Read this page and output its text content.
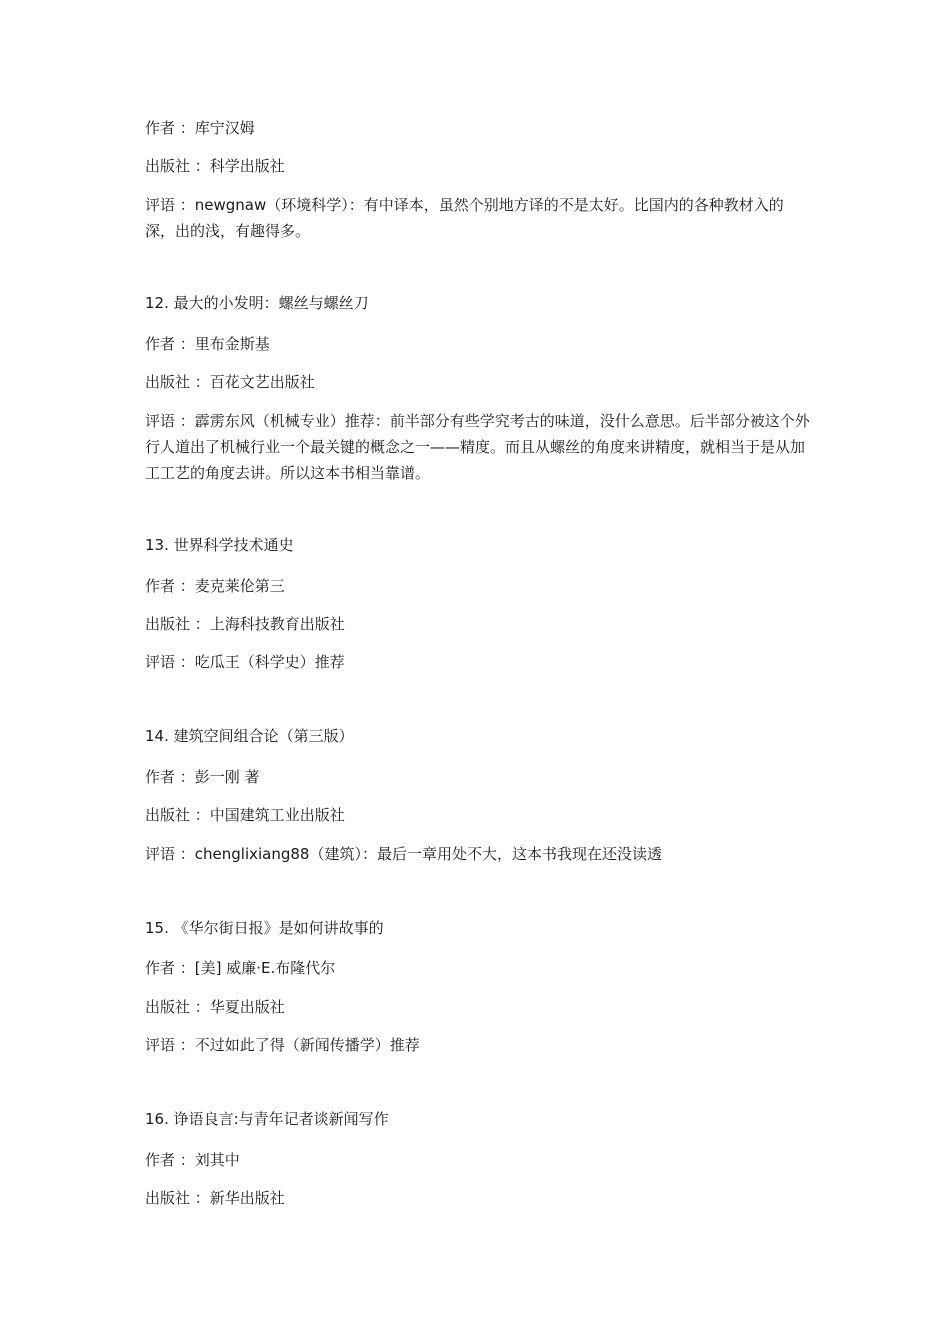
作者 ：库宁汉姆
出版社 ：科学出版社
评语 ：newgnaw（环境科学）：有中译本，虽然个别地方译的不是太好。比国内的各种教材入的深，出的浅，有趣得多。
12. 最大的小发明：螺丝与螺丝刀
作者 ：里布金斯基
出版社 ：百花文艺出版社
评语 ：霹雳东风（机械专业）推荐：前半部分有些学究考古的味道，没什么意思。后半部分被这个外行人道出了机械行业一个最关键的概念之一——精度。而且从螺丝的角度来讲精度，就相当于是从加工工艺的角度去讲。所以这本书相当靠谱。
13. 世界科学技术通史
作者 ：麦克莱伦第三
出版社 ：上海科技教育出版社
评语 ：吃瓜王（科学史）推荐
14. 建筑空间组合论（第三版）
作者 ：彭一刚 著
出版社 ：中国建筑工业出版社
评语 ：chenglixiang88（建筑）：最后一章用处不大，这本书我现在还没读透
15. 《华尔街日报》是如何讲故事的
作者 ：[美] 威廉·E.布隆代尔
出版社 ：华夏出版社
评语 ：不过如此了得（新闻传播学）推荐
16. 诤语良言:与青年记者谈新闻写作
作者 ：刘其中
出版社 ：新华出版社
